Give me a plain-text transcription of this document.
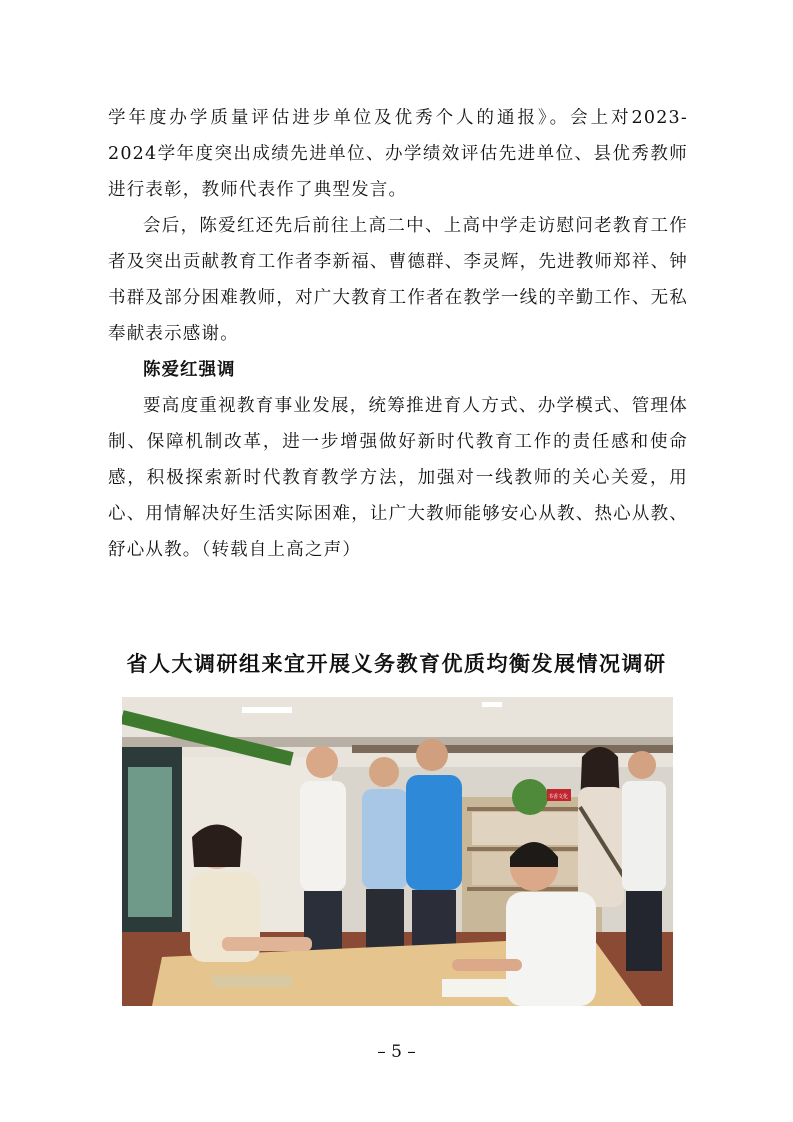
学年度办学质量评估进步单位及优秀个人的通报》。会上对2023-2024学年度突出成绩先进单位、办学绩效评估先进单位、县优秀教师进行表彰，教师代表作了典型发言。

会后，陈爱红还先后前往上高二中、上高中学走访慰问老教育工作者及突出贡献教育工作者李新福、曹德群、李灵辉，先进教师郑祥、钟书群及部分困难教师，对广大教育工作者在教学一线的辛勤工作、无私奉献表示感谢。

陈爱红强调

要高度重视教育事业发展，统筹推进育人方式、办学模式、管理体制、保障机制改革，进一步增强做好新时代教育工作的责任感和使命感，积极探索新时代教育教学方法，加强对一线教师的关心关爱，用心、用情解决好生活实际困难，让广大教师能够安心从教、热心从教、舒心从教。（转载自上高之声）

省人大调研组来宜开展义务教育优质均衡发展情况调研
书香文化
– 5 –
